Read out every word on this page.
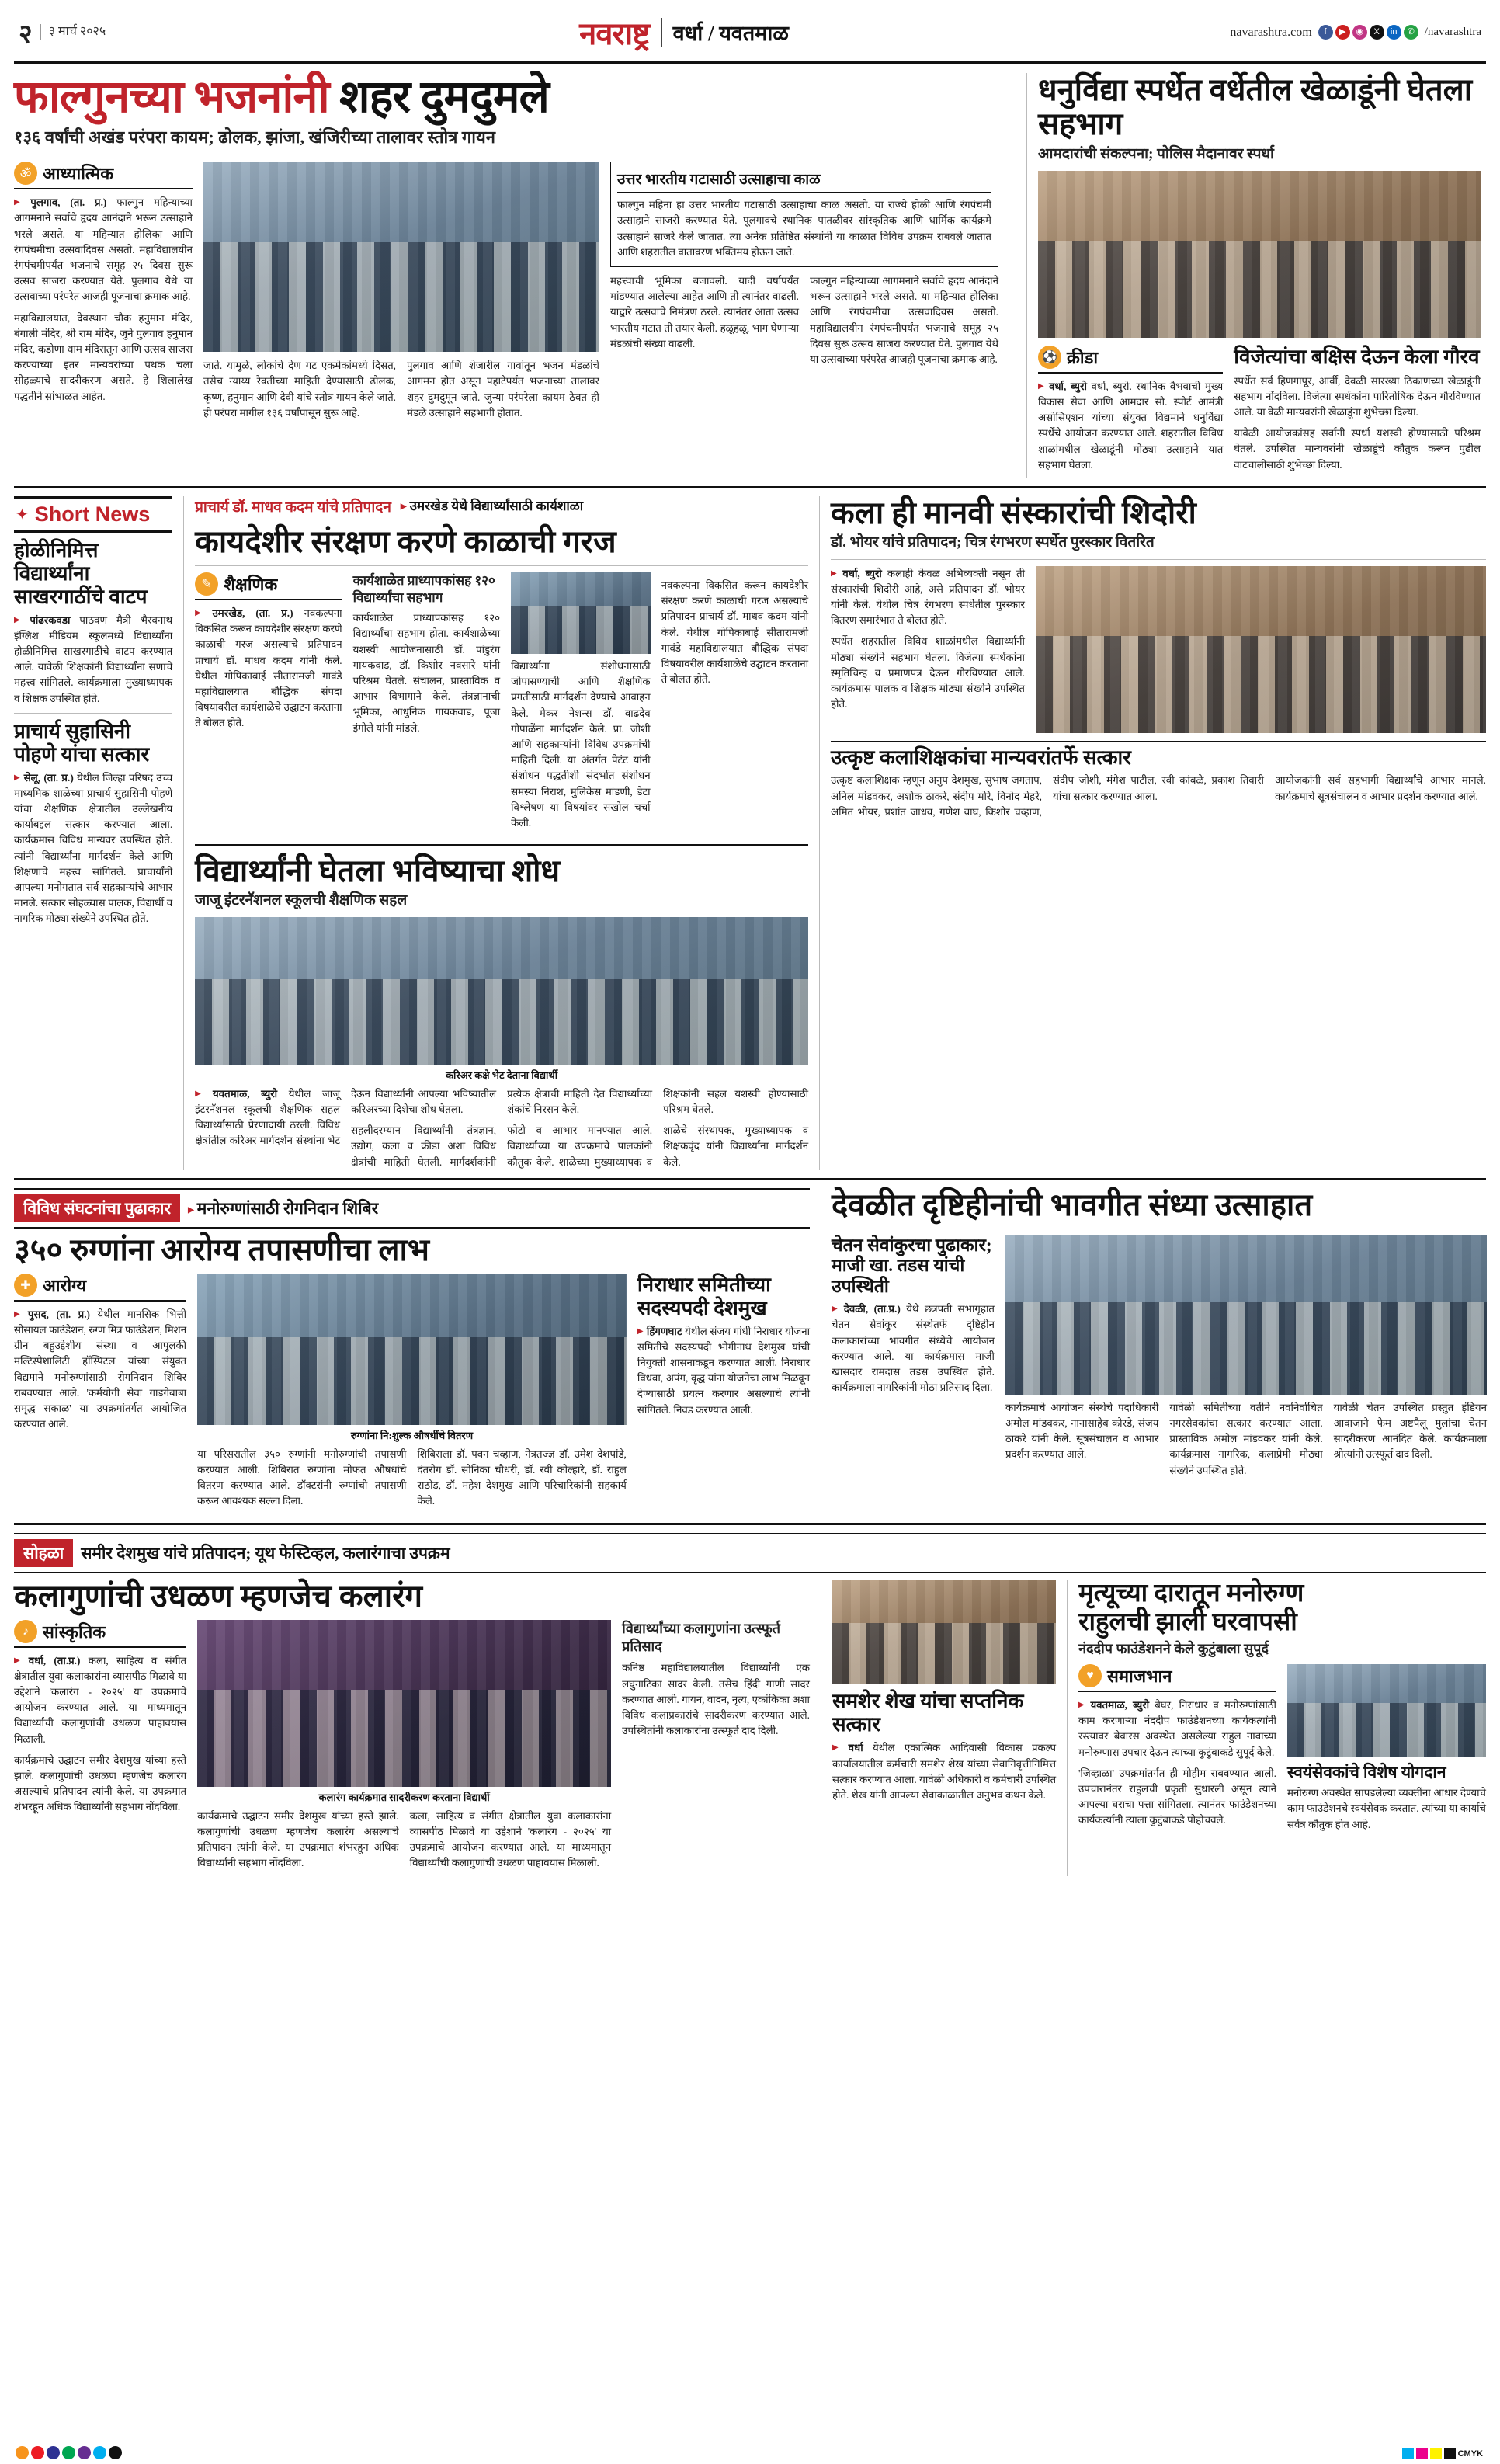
२	३ मार्च २०२५	नवराष्ट्र वर्धा / यवतमाळ	navarashtra.com	f	▶	◉	X	in	✆ /navarashtra
फाल्गुनच्या भजनांनी शहर दुमदुमले
१३६ वर्षांची अखंड परंपरा कायम; ढोलक, झांजा, खंजिरीच्या तालावर स्तोत्र गायन
ॐ आध्यात्मिक

▶ पुलगाव, (ता. प्र.) फाल्गुन महिन्याच्या आगमनाने सर्वाचे हृदय आनंदाने भरून उत्साहाने भरले असते. या महिन्यात होलिका आणि रंगपंचमीचा उत्सवादिवस असतो. महाविद्यालयीन रंगपंचमीपर्यंत भजनाचे समूह २५ दिवस सुरू उत्सव साजरा करण्यात येते. पुलगाव येथे या उत्सवाच्या परंपरेत आजही पूजनाचा क्रमाक आहे.

महाविद्यालयात, देवस्थान चौक हनुमान मंदिर, बंगाली मंदिर, श्री राम मंदिर, जुने पुलगाव हनुमान मंदिर, कडोणा धाम मंदिरातून आणि उत्सव साजरा करण्याच्या इतर मान्यवरांच्या पथक चला सोहळ्याचे सादरीकरण असते. हे शिलालेख पद्धतीने सांभाळत आहेत.

जाते. यामुळे, लोकांचे देण गट एकमेकांमध्ये दिसत, तसेच न्याय्य रेवतीच्या माहिती देण्यासाठी ढोलक, कृष्ण, हनुमान आणि देवी यांचे स्तोत्र गायन केले जाते. ही परंपरा मागील १३६ वर्षांपासून सुरू आहे.

पुलगाव आणि शेजारील गावांतून भजन मंडळांचे आगमन होत असून पहाटेपर्यंत भजनाच्या तालावर शहर दुमदुमून जाते. जुन्या परंपरेला कायम ठेवत ही मंडळे उत्साहाने सहभागी होतात.

उत्तर भारतीय गटासाठी उत्साहाचा काळ
फाल्गुन महिना हा उत्तर भारतीय गटासाठी उत्साहाचा काळ असतो. या राज्ये होळी आणि रंगपंचमी उत्साहाने साजरी करण्यात येते. पूलगावचे स्थानिक पातळीवर सांस्कृतिक आणि धार्मिक कार्यक्रमे उत्साहाने साजरे केले जातात. त्या अनेक प्रतिष्ठित संस्थांनी या काळात विविध उपक्रम राबवले जातात आणि शहरातील वातावरण भक्तिमय होऊन जाते.

महत्त्वाची भूमिका बजावली. यादी वर्षापर्यंत मांडण्यात आलेल्या आहेत आणि ती त्यानंतर वाढली. याद्वारे उत्सवाचे निमंत्रण ठरले. त्यानंतर आता उत्सव भारतीय गटात ती तयार केली. हळूहळू, भाग घेणाऱ्या मंडळांची संख्या वाढली.

फाल्गुन महिन्याच्या आगमनाने सर्वाचे हृदय आनंदाने भरून उत्साहाने भरले असते. या महिन्यात होलिका आणि रंगपंचमीचा उत्सवादिवस असतो. महाविद्यालयीन रंगपंचमीपर्यंत भजनाचे समूह २५ दिवस सुरू उत्सव साजरा करण्यात येते. पुलगाव येथे या उत्सवाच्या परंपरेत आजही पूजनाचा क्रमाक आहे.

धनुर्विद्या स्पर्धेत वर्धेतील खेळाडूंनी घेतला सहभाग
आमदारांची संकल्पना; पोलिस मैदानावर स्पर्धा
⚽ क्रीडा

▶ वर्धा, ब्युरो वर्धा, ब्युरो. स्थानिक वैभवाची मुख्य विकास सेवा आणि आमदार सौ. स्पोर्ट आमंत्री असोसिएशन यांच्या संयुक्त विद्यमाने धनुर्विद्या स्पर्धेचे आयोजन करण्यात आले. शहरातील विविध शाळांमधील खेळाडूंनी मोठ्या उत्साहाने यात सहभाग घेतला.

विजेत्यांचा बक्षिस देऊन केला गौरव

स्पर्धेत सर्व हिणगापूर, आर्वी, देवळी सारख्या ठिकाणच्या खेळाडूंनी सहभाग नोंदविला. विजेत्या स्पर्धकांना पारितोषिक देऊन गौरविण्यात आले. या वेळी मान्यवरांनी खेळाडूंना शुभेच्छा दिल्या.

यावेळी आयोजकांसह सर्वांनी स्पर्धा यशस्वी होण्यासाठी परिश्रम घेतले. उपस्थित मान्यवरांनी खेळाडूंचे कौतुक करून पुढील वाटचालीसाठी शुभेच्छा दिल्या.

✦ Short News
होळीनिमित्त विद्यार्थ्यांना साखरगाठींचे वाटप

▶ पांढरकवडा पाठवण मैत्री भैरवनाथ इंग्लिश मीडियम स्कूलमध्ये विद्यार्थ्यांना होळीनिमित्त साखरगाठींचे वाटप करण्यात आले. यावेळी शिक्षकांनी विद्यार्थ्यांना सणाचे महत्त्व सांगितले. कार्यक्रमाला मुख्याध्यापक व शिक्षक उपस्थित होते.

प्राचार्य सुहासिनी पोहणे यांचा सत्कार

▶ सेलू, (ता. प्र.) येथील जिल्हा परिषद उच्च माध्यमिक शाळेच्या प्राचार्य सुहासिनी पोहणे यांचा शैक्षणिक क्षेत्रातील उल्लेखनीय कार्याबद्दल सत्कार करण्यात आला. कार्यक्रमास विविध मान्यवर उपस्थित होते. त्यांनी विद्यार्थ्यांना मार्गदर्शन केले आणि शिक्षणाचे महत्त्व सांगितले. प्राचार्यांनी आपल्या मनोगतात सर्व सहकाऱ्यांचे आभार मानले. सत्कार सोहळ्यास पालक, विद्यार्थी व नागरिक मोठ्या संख्येने उपस्थित होते.

प्राचार्य डॉ. माधव कदम यांचे प्रतिपादन ▶	उमरखेड येथे विद्यार्थ्यांसाठी कार्यशाळा
कायदेशीर संरक्षण करणे काळाची गरज
✎ शैक्षणिक

▶ उमरखेड, (ता. प्र.) नवकल्पना विकसित करून कायदेशीर संरक्षण करणे काळाची गरज असल्याचे प्रतिपादन प्राचार्य डॉ. माधव कदम यांनी केले. येथील गोपिकाबाई सीतारामजी गावंडे महाविद्यालयात बौद्धिक संपदा विषयावरील कार्यशाळेचे उद्घाटन करताना ते बोलत होते.

कार्यशाळेत प्राध्यापकांसह १२० विद्यार्थ्यांचा सहभाग

कार्यशाळेत प्राध्यापकांसह १२० विद्यार्थ्यांचा सहभाग होता. कार्यशाळेच्या यशस्वी आयोजनासाठी डॉ. पांडुरंग गायकवाड, डॉ. किशोर नवसारे यांनी परिश्रम घेतले. संचालन, प्रास्ताविक व आभार विभागाने केले. तंत्रज्ञानाची भूमिका, आधुनिक गायकवाड, पूजा इंगोले यांनी मांडले.

विद्यार्थ्यांना संशोधनासाठी जोपासण्याची आणि शैक्षणिक प्रगतीसाठी मार्गदर्शन देण्याचे आवाहन केले. मेकर नेशन्स डॉ. वाढदेव गोपाळेंना मार्गदर्शन केले. प्रा. जोशी आणि सहकाऱ्यांनी विविध उपक्रमांची माहिती दिली. या अंतर्गत पेटंट यांनी संशोधन पद्धतीशी संदर्भात संशोधन समस्या निराश, मुलिकेस मांडणी, डेटा विश्लेषण या विषयांवर सखोल चर्चा केली.

नवकल्पना विकसित करून कायदेशीर संरक्षण करणे काळाची गरज असल्याचे प्रतिपादन प्राचार्य डॉ. माधव कदम यांनी केले. येथील गोपिकाबाई सीतारामजी गावंडे महाविद्यालयात बौद्धिक संपदा विषयावरील कार्यशाळेचे उद्घाटन करताना ते बोलत होते.

विद्यार्थ्यांनी घेतला भविष्याचा शोध
जाजू इंटरनॅशनल स्कूलची शैक्षणिक सहल
करिअर कक्षे भेट देताना विद्यार्थी

▶ यवतमाळ, ब्युरो येथील जाजू इंटरनॅशनल स्कूलची शैक्षणिक सहल विद्यार्थ्यांसाठी प्रेरणादायी ठरली. विविध क्षेत्रांतील करिअर मार्गदर्शन संस्थांना भेट देऊन विद्यार्थ्यांनी आपल्या भविष्यातील करिअरच्या दिशेचा शोध घेतला.

सहलीदरम्यान विद्यार्थ्यांनी तंत्रज्ञान, उद्योग, कला व क्रीडा अशा विविध क्षेत्रांची माहिती घेतली. मार्गदर्शकांनी प्रत्येक क्षेत्राची माहिती देत विद्यार्थ्यांच्या शंकांचे निरसन केले.

फोटो व आभार मानण्यात आले. विद्यार्थ्यांच्या या उपक्रमाचे पालकांनी कौतुक केले. शाळेच्या मुख्याध्यापक व शिक्षकांनी सहल यशस्वी होण्यासाठी परिश्रम घेतले.

शाळेचे संस्थापक, मुख्याध्यापक व शिक्षकवृंद यांनी विद्यार्थ्यांना मार्गदर्शन केले.

कला ही मानवी संस्कारांची शिदोरी
डॉ. भोयर यांचे प्रतिपादन; चित्र रंगभरण स्पर्धेत पुरस्कार वितरित

▶ वर्धा, ब्युरो कलाही केवळ अभिव्यक्ती नसून ती संस्कारांची शिदोरी आहे, असे प्रतिपादन डॉ. भोयर यांनी केले. येथील चित्र रंगभरण स्पर्धेतील पुरस्कार वितरण समारंभात ते बोलत होते.

स्पर्धेत शहरातील विविध शाळांमधील विद्यार्थ्यांनी मोठ्या संख्येने सहभाग घेतला. विजेत्या स्पर्धकांना स्मृतिचिन्ह व प्रमाणपत्र देऊन गौरविण्यात आले. कार्यक्रमास पालक व शिक्षक मोठ्या संख्येने उपस्थित होते.

उत्कृष्ट कलाशिक्षकांचा मान्यवरांतर्फे सत्कार

उत्कृष्ट कलाशिक्षक म्हणून अनुप देशमुख, सुभाष जगताप, अनिल मांडवकर, अशोक ठाकरे, संदीप मोरे, विनोद मेहरे, अमित भोयर, प्रशांत जाधव, गणेश वाघ, किशोर चव्हाण, संदीप जोशी, मंगेश पाटील, रवी कांबळे, प्रकाश तिवारी यांचा सत्कार करण्यात आला.

आयोजकांनी सर्व सहभागी विद्यार्थ्यांचे आभार मानले. कार्यक्रमाचे सूत्रसंचालन व आभार प्रदर्शन करण्यात आले.

विविध संघटनांचा पुढाकार ▶	मनोरुग्णांसाठी रोगनिदान शिबिर
३५० रुग्णांना आरोग्य तपासणीचा लाभ
✚ आरोग्य

▶ पुसद, (ता. प्र.) येथील मानसिक भित्ती सोसायल फाउंडेशन, रुग्ण मित्र फाउंडेशन, मिशन ग्रीन बहुउद्देशीय संस्था व आपुलकी मल्टिस्पेशालिटी हॉस्पिटल यांच्या संयुक्त विद्यमाने मनोरुग्णांसाठी रोगनिदान शिबिर राबवण्यात आले. 'कर्मयोगी सेवा गाडगेबाबा समृद्ध सकाळ' या उपक्रमांतर्गत आयोजित करण्यात आले.

रुग्णांना नि:शुल्क औषधींचे वितरण

या परिसरातील ३५० रुग्णांनी मनोरुग्णांची तपासणी करण्यात आली. शिबिरात रुग्णांना मोफत औषधांचे वितरण करण्यात आले. डॉक्टरांनी रुग्णांची तपासणी करून आवश्यक सल्ला दिला.

शिबिराला डॉ. पवन चव्हाण, नेत्रतज्ज्ञ डॉ. उमेश देशपांडे, दंतरोग डॉ. सोनिका चौधरी, डॉ. रवी कोल्हारे, डॉ. राहुल राठोड, डॉ. महेश देशमुख आणि परिचारिकांनी सहकार्य केले.

निराधार समितीच्या सदस्यपदी देशमुख

▶ हिंगणघाट येथील संजय गांधी निराधार योजना समितीचे सदस्यपदी भोगीनाथ देशमुख यांची नियुक्ती शासनाकडून करण्यात आली. निराधार विधवा, अपंग, वृद्ध यांना योजनेचा लाभ मिळवून देण्यासाठी प्रयत्न करणार असल्याचे त्यांनी सांगितले. निवड करण्यात आली.

देवळीत दृष्टिहीनांची भावगीत संध्या उत्साहात
चेतन सेवांकुरचा पुढाकार; माजी खा. तडस यांची उपस्थिती

▶ देवळी, (ता.प्र.) येथे छत्रपती सभागृहात चेतन सेवांकुर संस्थेतर्फे दृष्टिहीन कलाकारांच्या भावगीत संध्येचे आयोजन करण्यात आले. या कार्यक्रमास माजी खासदार रामदास तडस उपस्थित होते. कार्यक्रमाला नागरिकांनी मोठा प्रतिसाद दिला.

कार्यक्रमाचे आयोजन संस्थेचे पदाधिकारी अमोल मांडवकर, नानासाहेब कोरडे, संजय ठाकरे यांनी केले. सूत्रसंचालन व आभार प्रदर्शन करण्यात आले.

यावेळी समितीच्या वतीने नवनिर्वाचित नगरसेवकांचा सत्कार करण्यात आला. प्रास्ताविक अमोल मांडवकर यांनी केले. कार्यक्रमास नागरिक, कलाप्रेमी मोठ्या संख्येने उपस्थित होते.

यावेळी चेतन उपस्थित प्रस्तुत इंडियन आवाजाने फेम अष्टपैलू मुलांचा चेतन सादरीकरण आनंदित केले. कार्यक्रमाला श्रोत्यांनी उत्स्फूर्त दाद दिली.

सोहळा	समीर देशमुख यांचे प्रतिपादन; यूथ फेस्टिव्हल, कलारंगाचा उपक्रम
कलागुणांची उधळण म्हणजेच कलारंग
♪ सांस्कृतिक

▶ वर्धा, (ता.प्र.) कला, साहित्य व संगीत क्षेत्रातील युवा कलाकारांना व्यासपीठ मिळावे या उद्देशाने 'कलारंग - २०२५' या उपक्रमाचे आयोजन करण्यात आले. या माध्यमातून विद्यार्थ्यांची कलागुणांची उधळण पाहावयास मिळाली.

कार्यक्रमाचे उद्घाटन समीर देशमुख यांच्या हस्ते झाले. कलागुणांची उधळण म्हणजेच कलारंग असल्याचे प्रतिपादन त्यांनी केले. या उपक्रमात शंभरहून अधिक विद्यार्थ्यांनी सहभाग नोंदविला.

कलारंग कार्यक्रमात सादरीकरण करताना विद्यार्थी

कार्यक्रमाचे उद्घाटन समीर देशमुख यांच्या हस्ते झाले. कलागुणांची उधळण म्हणजेच कलारंग असल्याचे प्रतिपादन त्यांनी केले. या उपक्रमात शंभरहून अधिक विद्यार्थ्यांनी सहभाग नोंदविला.

कला, साहित्य व संगीत क्षेत्रातील युवा कलाकारांना व्यासपीठ मिळावे या उद्देशाने 'कलारंग - २०२५' या उपक्रमाचे आयोजन करण्यात आले. या माध्यमातून विद्यार्थ्यांची कलागुणांची उधळण पाहावयास मिळाली.

विद्यार्थ्यांच्या कलागुणांना उत्स्फूर्त प्रतिसाद

कनिष्ठ महाविद्यालयातील विद्यार्थ्यांनी एक लघुनाटिका सादर केली. तसेच हिंदी गाणी सादर करण्यात आली. गायन, वादन, नृत्य, एकांकिका अशा विविध कलाप्रकारांचे सादरीकरण करण्यात आले. उपस्थितांनी कलाकारांना उत्स्फूर्त दाद दिली.

समशेर शेख यांचा सप्तनिक सत्कार

▶ वर्धा येथील एकात्मिक आदिवासी विकास प्रकल्प कार्यालयातील कर्मचारी समशेर शेख यांच्या सेवानिवृत्तीनिमित्त सत्कार करण्यात आला. यावेळी अधिकारी व कर्मचारी उपस्थित होते. शेख यांनी आपल्या सेवाकाळातील अनुभव कथन केले.

मृत्यूच्या दारातून मनोरुग्ण
राहुलची झाली घरवापसी
नंददीप फाउंडेशनने केले कुटुंबाला सुपूर्द
♥ समाजभान

▶ यवतमाळ, ब्युरो बेघर, निराधार व मनोरुग्णांसाठी काम करणाऱ्या नंददीप फाउंडेशनच्या कार्यकर्त्यांनी रस्त्यावर बेवारस अवस्थेत असलेल्या राहुल नावाच्या मनोरुग्णास उपचार देऊन त्याच्या कुटुंबाकडे सुपूर्द केले.

'जिव्हाळा' उपक्रमांतर्गत ही मोहीम राबवण्यात आली. उपचारानंतर राहुलची प्रकृती सुधारली असून त्याने आपल्या घराचा पत्ता सांगितला. त्यानंतर फाउंडेशनच्या कार्यकर्त्यांनी त्याला कुटुंबाकडे पोहोचवले.

स्वयंसेवकांचे विशेष योगदान

मनोरुग्ण अवस्थेत सापडलेल्या व्यक्तींना आधार देण्याचे काम फाउंडेशनचे स्वयंसेवक करतात. त्यांच्या या कार्याचे सर्वत्र कौतुक होत आहे.

CMYK
